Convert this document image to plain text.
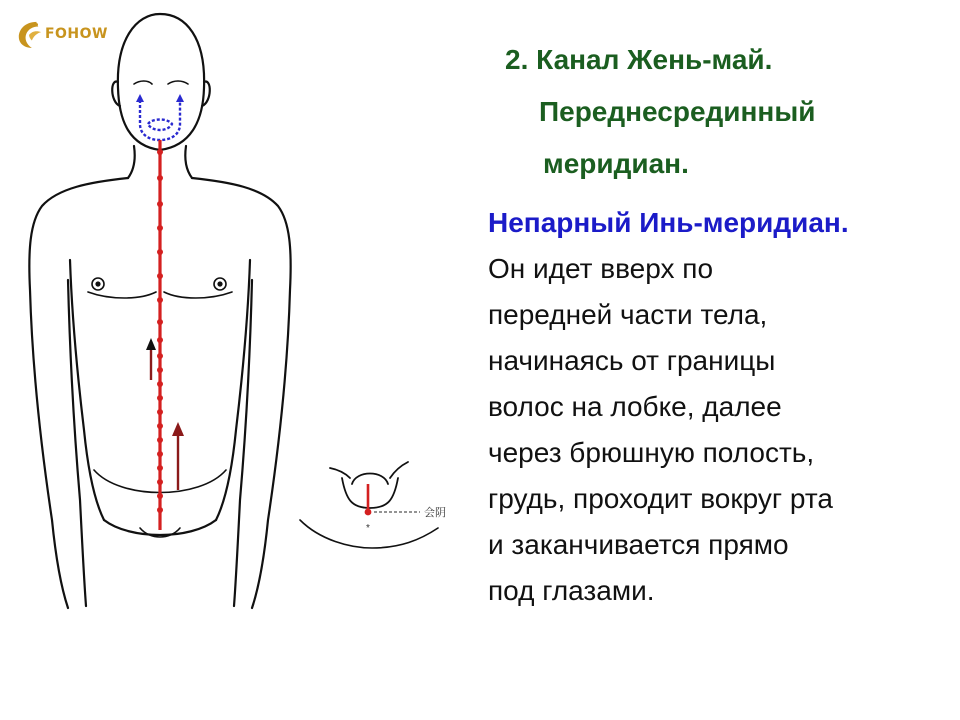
FOHOW
*
会阴
2. Канал Жень-май.
Переднесрединный
меридиан.
Непарный Инь-меридиан.
Он идет вверх по
передней части тела,
начинаясь от границы
волос на лобке, далее
через брюшную полость,
грудь, проходит вокруг рта
и заканчивается прямо
под глазами.
